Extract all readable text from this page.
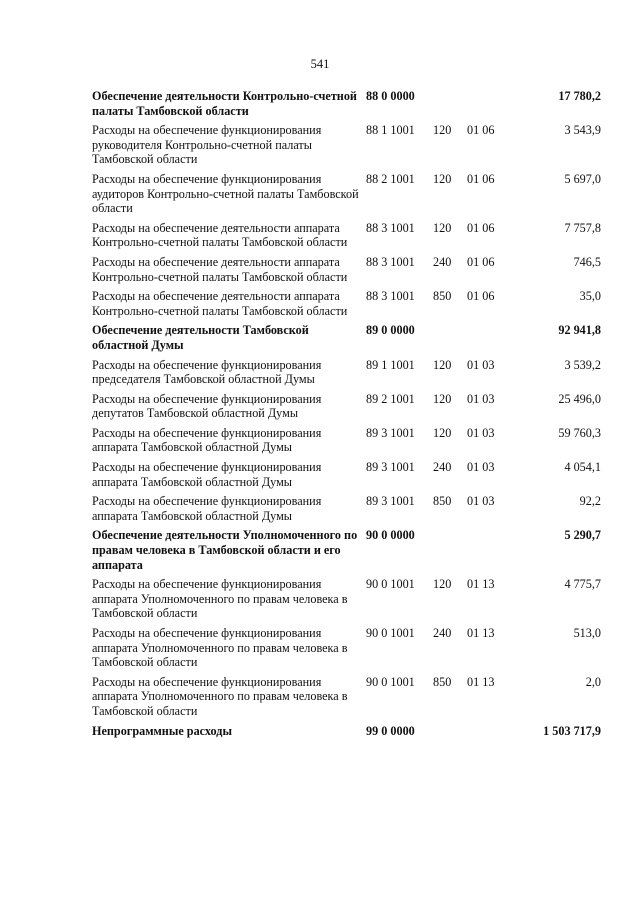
541
Обеспечение деятельности Контрольно-счетной палаты Тамбовской области	88 0 0000			17 780,2
Расходы на обеспечение функционирования руководителя Контрольно-счетной палаты Тамбовской области	88 1 1001	120	01 06	3 543,9
Расходы на обеспечение функционирования аудиторов Контрольно-счетной палаты Тамбовской области	88 2 1001	120	01 06	5 697,0
Расходы на обеспечение деятельности аппарата Контрольно-счетной палаты Тамбовской области	88 3 1001	120	01 06	7 757,8
Расходы на обеспечение деятельности аппарата Контрольно-счетной палаты Тамбовской области	88 3 1001	240	01 06	746,5
Расходы на обеспечение деятельности аппарата Контрольно-счетной палаты Тамбовской области	88 3 1001	850	01 06	35,0
Обеспечение деятельности Тамбовской областной Думы	89 0 0000			92 941,8
Расходы на обеспечение функционирования председателя Тамбовской областной Думы	89 1 1001	120	01 03	3 539,2
Расходы на обеспечение функционирования депутатов Тамбовской областной Думы	89 2 1001	120	01 03	25 496,0
Расходы на обеспечение функционирования аппарата Тамбовской областной Думы	89 3 1001	120	01 03	59 760,3
Расходы на обеспечение функционирования аппарата Тамбовской областной Думы	89 3 1001	240	01 03	4 054,1
Расходы на обеспечение функционирования аппарата Тамбовской областной Думы	89 3 1001	850	01 03	92,2
Обеспечение деятельности Уполномоченного по правам человека в Тамбовской области и его аппарата	90 0 0000			5 290,7
Расходы на обеспечение функционирования аппарата Уполномоченного по правам человека в Тамбовской области	90 0 1001	120	01 13	4 775,7
Расходы на обеспечение функционирования аппарата Уполномоченного по правам человека в Тамбовской области	90 0 1001	240	01 13	513,0
Расходы на обеспечение функционирования аппарата Уполномоченного по правам человека в Тамбовской области	90 0 1001	850	01 13	2,0
Непрограммные расходы	99 0 0000			1 503 717,9
